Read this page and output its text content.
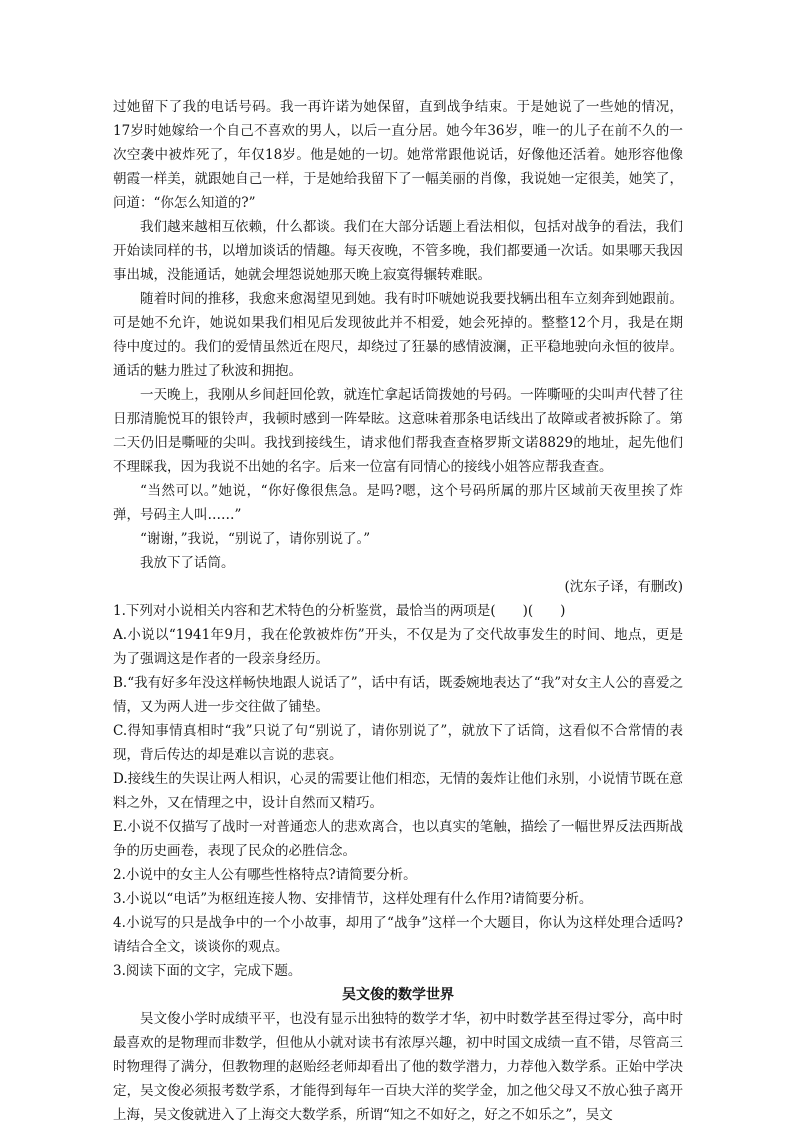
过她留下了我的电话号码。我一再许诺为她保留，直到战争结束。于是她说了一些她的情况，17岁时她嫁给一个自己不喜欢的男人，以后一直分居。她今年36岁，唯一的儿子在前不久的一次空袭中被炸死了，年仅18岁。他是她的一切。她常常跟他说话，好像他还活着。她形容他像朝霞一样美，就跟她自己一样，于是她给我留下了一幅美丽的肖像，我说她一定很美，她笑了，问道：“你怎么知道的?”

我们越来越相互依赖，什么都谈。我们在大部分话题上看法相似，包括对战争的看法，我们开始读同样的书，以增加谈话的情趣。每天夜晚，不管多晚，我们都要通一次话。如果哪天我因事出城，没能通话，她就会埋怨说她那天晚上寂寞得辗转难眠。

随着时间的推移，我愈来愈渴望见到她。我有时吓唬她说我要找辆出租车立刻奔到她跟前。可是她不允许，她说如果我们相见后发现彼此并不相爱，她会死掉的。整整12个月，我是在期待中度过的。我们的爱情虽然近在咫尺，却绕过了狂暴的感情波澜，正平稳地驶向永恒的彼岸。通话的魅力胜过了秋波和拥抱。

一天晚上，我刚从乡间赶回伦敦，就连忙拿起话筒拨她的号码。一阵嘶哑的尖叫声代替了往日那清脆悦耳的银铃声，我顿时感到一阵晕眩。这意味着那条电话线出了故障或者被拆除了。第二天仍旧是嘶哑的尖叫。我找到接线生，请求他们帮我查查格罗斯文诺8829的地址，起先他们不理睬我，因为我说不出她的名字。后来一位富有同情心的接线小姐答应帮我查查。

“当然可以。”她说，“你好像很焦急。是吗?嗯，这个号码所属的那片区域前天夜里挨了炸弹，号码主人叫……”

“谢谢，”我说，“别说了，请你别说了。”

我放下了话筒。

(沈东子译，有删改)

1.下列对小说相关内容和艺术特色的分析鉴赏，最恰当的两项是(　　)(　　)

A.小说以“1941年9月，我在伦敦被炸伤”开头，不仅是为了交代故事发生的时间、地点，更是为了强调这是作者的一段亲身经历。

B.“我有好多年没这样畅快地跟人说话了”，话中有话，既委婉地表达了“我”对女主人公的喜爱之情，又为两人进一步交往做了铺垫。

C.得知事情真相时“我”只说了句“别说了，请你别说了”，就放下了话筒，这看似不合常情的表现，背后传达的却是难以言说的悲哀。

D.接线生的失误让两人相识，心灵的需要让他们相恋，无情的轰炸让他们永别，小说情节既在意料之外，又在情理之中，设计自然而又精巧。

E.小说不仅描写了战时一对普通恋人的悲欢离合，也以真实的笔触，描绘了一幅世界反法西斯战争的历史画卷，表现了民众的必胜信念。

2.小说中的女主人公有哪些性格特点?请简要分析。

3.小说以“电话”为枢纽连接人物、安排情节，这样处理有什么作用?请简要分析。

4.小说写的只是战争中的一个小故事，却用了“战争”这样一个大题目，你认为这样处理合适吗?请结合全文，谈谈你的观点。

3.阅读下面的文字，完成下题。

吴文俊的数学世界

吴文俊小学时成绩平平，也没有显示出独特的数学才华，初中时数学甚至得过零分，高中时最喜欢的是物理而非数学，但他从小就对读书有浓厚兴趣，初中时国文成绩一直不错，尽管高三时物理得了满分，但教物理的赵贻经老师却看出了他的数学潜力，力荐他入数学系。正始中学决定，吴文俊必须报考数学系，才能得到每年一百块大洋的奖学金，加之他父母又不放心独子离开上海，吴文俊就进入了上海交大数学系，所谓“知之不如好之，好之不如乐之”，吴文
